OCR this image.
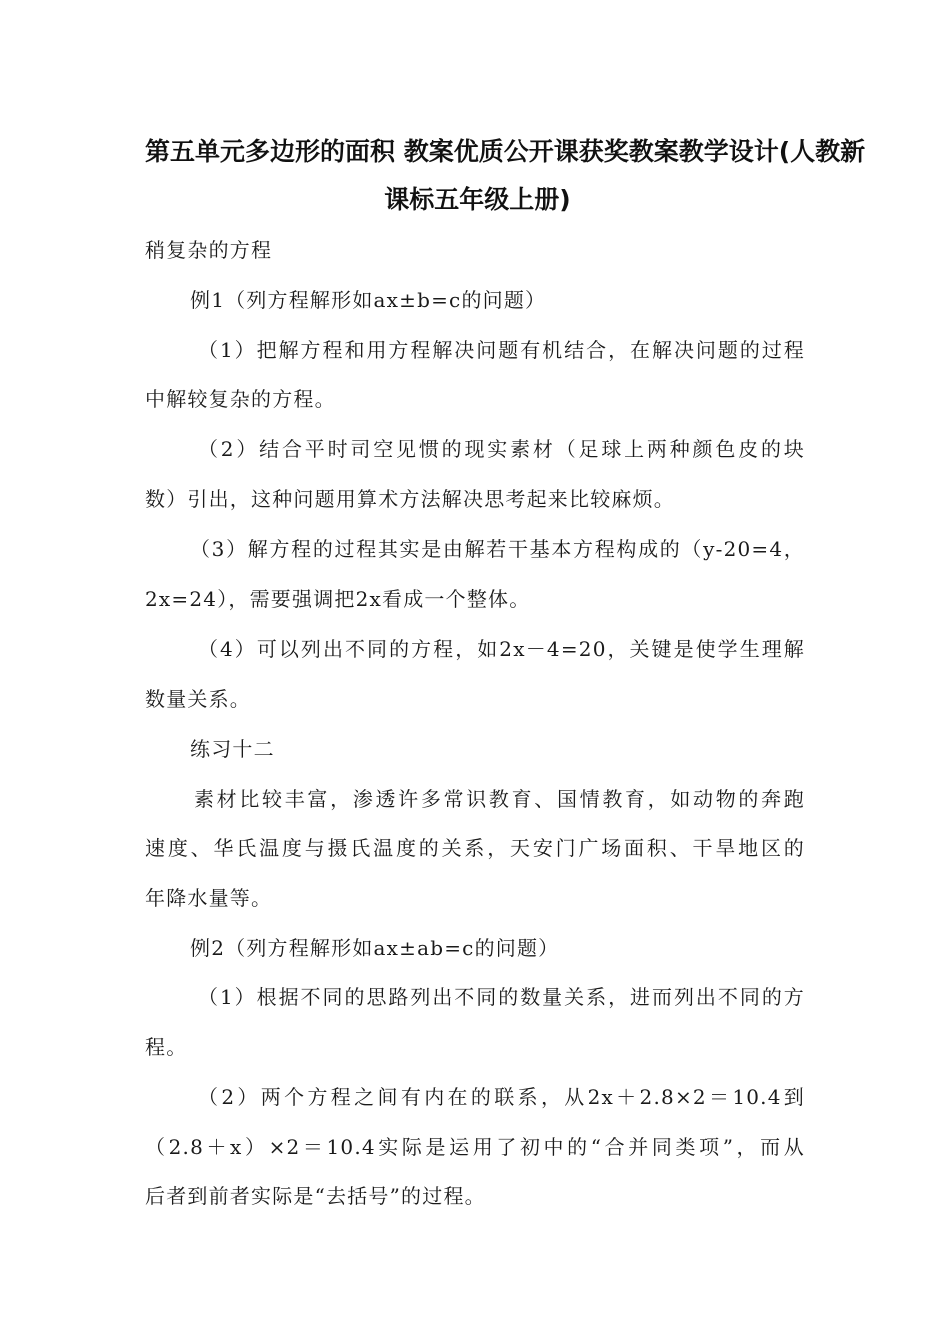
第五单元多边形的面积 教案优质公开课获奖教案教学设计(人教新
课标五年级上册)
稍复杂的方程
例1（列方程解形如ax±b=c的问题）
（1）把解方程和用方程解决问题有机结合，在解决问题的过程
中解较复杂的方程。
（2）结合平时司空见惯的现实素材（足球上两种颜色皮的块
数）引出，这种问题用算术方法解决思考起来比较麻烦。
（3）解方程的过程其实是由解若干基本方程构成的（y-20=4，
2x=24），需要强调把2x看成一个整体。
（4）可以列出不同的方程，如2x－4=20，关键是使学生理解
数量关系。
练习十二
素材比较丰富，渗透许多常识教育、国情教育，如动物的奔跑
速度、华氏温度与摄氏温度的关系，天安门广场面积、干旱地区的
年降水量等。
例2（列方程解形如ax±ab=c的问题）
（1）根据不同的思路列出不同的数量关系，进而列出不同的方
程。
（2）两个方程之间有内在的联系，从2x＋2.8×2＝10.4到
（2.8＋x）×2＝10.4实际是运用了初中的“合并同类项”，而从
后者到前者实际是“去括号”的过程。
